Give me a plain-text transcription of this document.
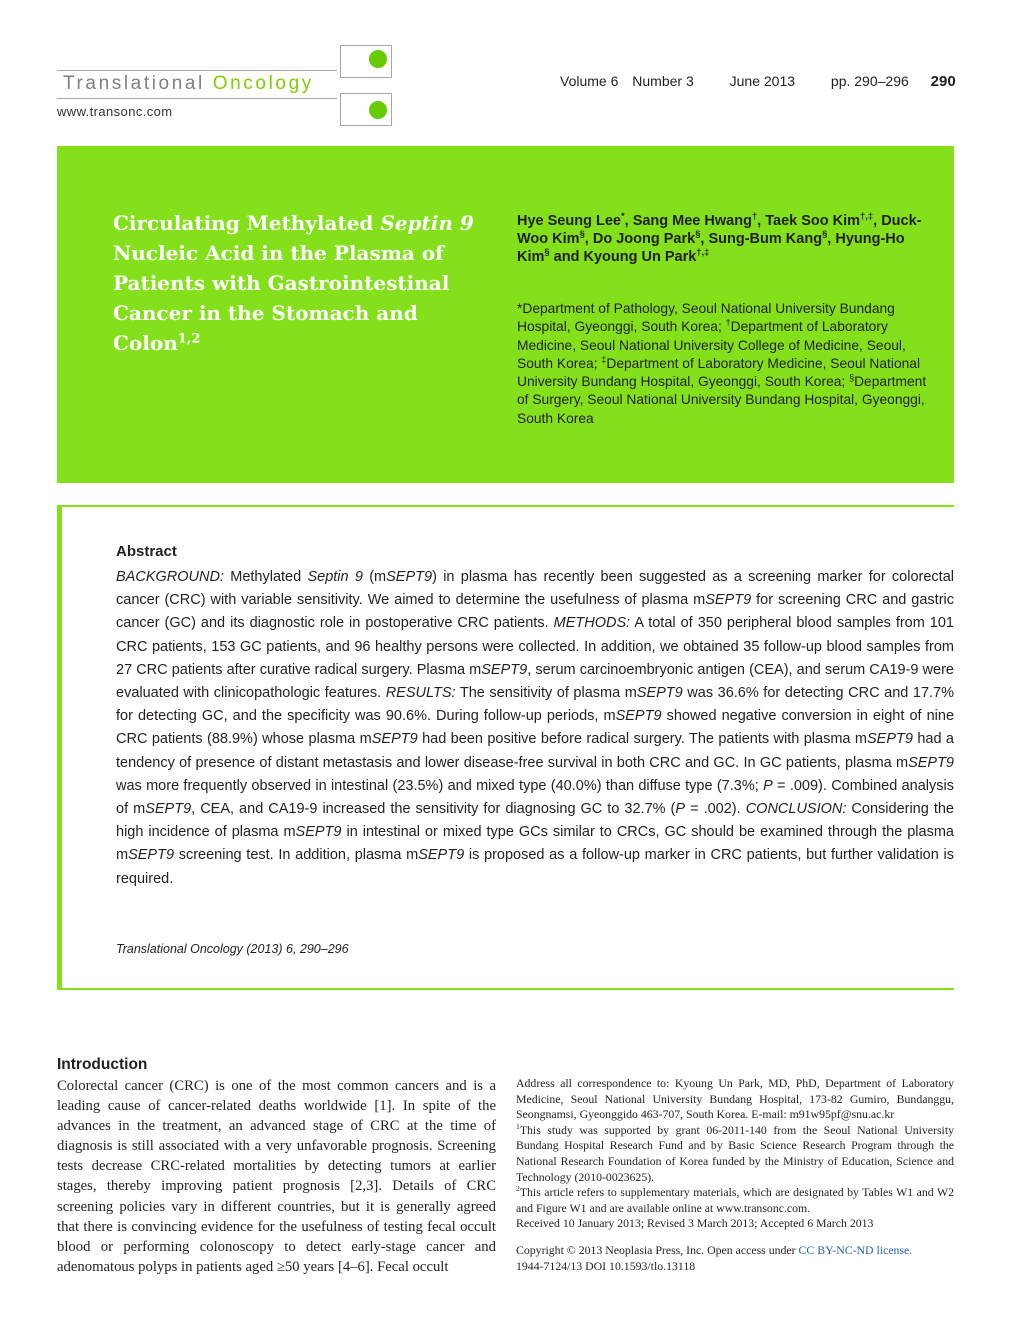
Translational Oncology
www.transonc.com
Volume 6 Number 3	June 2013	pp. 290–296 290
Circulating Methylated Septin 9 Nucleic Acid in the Plasma of Patients with Gastrointestinal Cancer in the Stomach and Colon$^{1,2}$
Hye Seung Lee*, Sang Mee Hwang†, Taek Soo Kim†,‡, Duck-Woo Kim§, Do Joong Park§, Sung-Bum Kang§, Hyung-Ho Kim§ and Kyoung Un Park†,‡
*Department of Pathology, Seoul National University Bundang Hospital, Gyeonggi, South Korea; †Department of Laboratory Medicine, Seoul National University College of Medicine, Seoul, South Korea; ‡Department of Laboratory Medicine, Seoul National University Bundang Hospital, Gyeonggi, South Korea; §Department of Surgery, Seoul National University Bundang Hospital, Gyeonggi, South Korea
Abstract
BACKGROUND: Methylated Septin 9 (mSEPT9) in plasma has recently been suggested as a screening marker for colorectal cancer (CRC) with variable sensitivity. We aimed to determine the usefulness of plasma mSEPT9 for screening CRC and gastric cancer (GC) and its diagnostic role in postoperative CRC patients. METHODS: A total of 350 peripheral blood samples from 101 CRC patients, 153 GC patients, and 96 healthy persons were collected. In addition, we obtained 35 follow-up blood samples from 27 CRC patients after curative radical surgery. Plasma mSEPT9, serum carcinoembryonic antigen (CEA), and serum CA19-9 were evaluated with clinicopathologic features. RESULTS: The sensitivity of plasma mSEPT9 was 36.6% for detecting CRC and 17.7% for detecting GC, and the specificity was 90.6%. During follow-up periods, mSEPT9 showed negative conversion in eight of nine CRC patients (88.9%) whose plasma mSEPT9 had been positive before radical surgery. The patients with plasma mSEPT9 had a tendency of presence of distant metastasis and lower disease-free survival in both CRC and GC. In GC patients, plasma mSEPT9 was more frequently observed in intestinal (23.5%) and mixed type (40.0%) than diffuse type (7.3%; P = .009). Combined analysis of mSEPT9, CEA, and CA19-9 increased the sensitivity for diagnosing GC to 32.7% (P = .002). CONCLUSION: Considering the high incidence of plasma mSEPT9 in intestinal or mixed type GCs similar to CRCs, GC should be examined through the plasma mSEPT9 screening test. In addition, plasma mSEPT9 is proposed as a follow-up marker in CRC patients, but further validation is required.
Translational Oncology (2013) 6, 290–296
Introduction
Colorectal cancer (CRC) is one of the most common cancers and is a leading cause of cancer-related deaths worldwide [1]. In spite of the advances in the treatment, an advanced stage of CRC at the time of diagnosis is still associated with a very unfavorable prognosis. Screening tests decrease CRC-related mortalities by detecting tumors at earlier stages, thereby improving patient prognosis [2,3]. Details of CRC screening policies vary in different countries, but it is generally agreed that there is convincing evidence for the usefulness of testing fecal occult blood or performing colonoscopy to detect early-stage cancer and adenomatous polyps in patients aged ≥50 years [4–6]. Fecal occult

Address all correspondence to: Kyoung Un Park, MD, PhD, Department of Laboratory Medicine, Seoul National University Bundang Hospital, 173-82 Gumiro, Bundanggu, Seongnamsi, Gyeonggido 463-707, South Korea. E-mail: m91w95pf@snu.ac.kr

$^1$This study was supported by grant 06-2011-140 from the Seoul National University Bundang Hospital Research Fund and by Basic Science Research Program through the National Research Foundation of Korea funded by the Ministry of Education, Science and Technology (2010-0023625).

$^2$This article refers to supplementary materials, which are designated by Tables W1 and W2 and Figure W1 and are available online at www.transonc.com.

Received 10 January 2013; Revised 3 March 2013; Accepted 6 March 2013

Copyright © 2013 Neoplasia Press, Inc. Open access under CC BY-NC-ND license.
1944-7124/13 DOI 10.1593/tlo.13118
